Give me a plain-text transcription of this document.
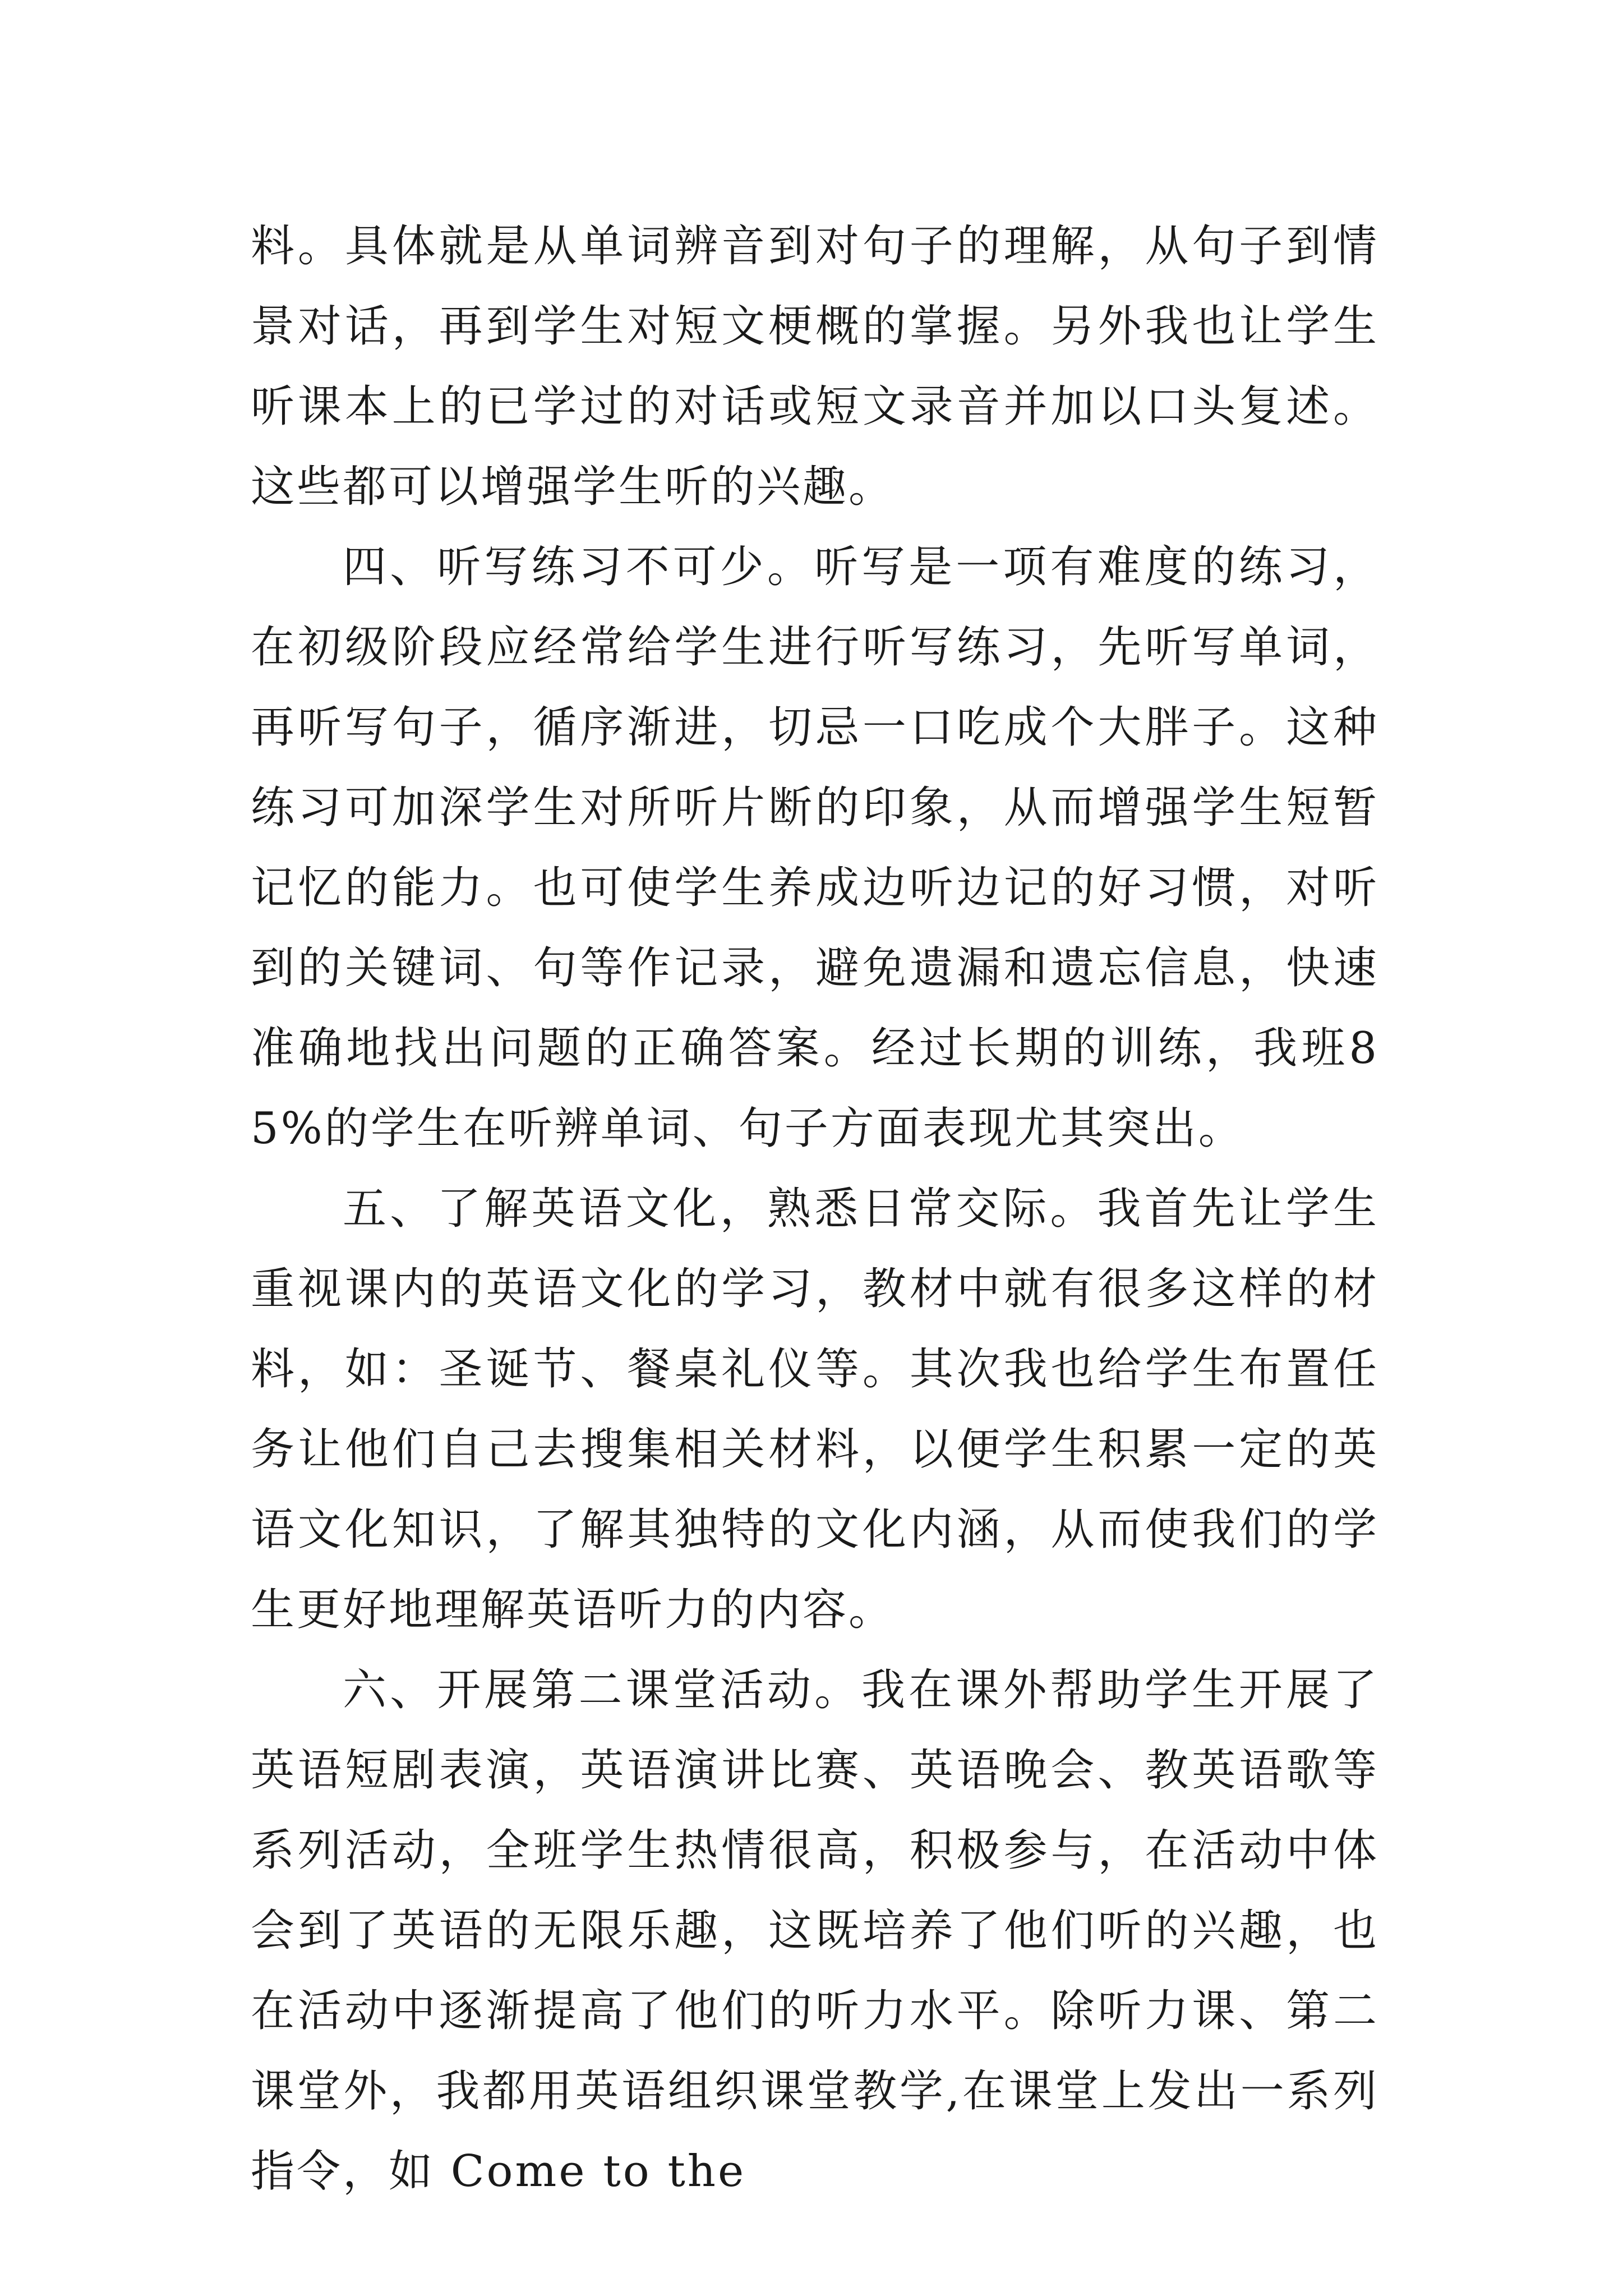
料。具体就是从单词辨音到对句子的理解，从句子到情景对话，再到学生对短文梗概的掌握。另外我也让学生听课本上的已学过的对话或短文录音并加以口头复述。这些都可以增强学生听的兴趣。

四、听写练习不可少。听写是一项有难度的练习，在初级阶段应经常给学生进行听写练习，先听写单词，再听写句子，循序渐进，切忌一口吃成个大胖子。这种练习可加深学生对所听片断的印象，从而增强学生短暂记忆的能力。也可使学生养成边听边记的好习惯，对听到的关键词、句等作记录，避免遗漏和遗忘信息，快速准确地找出问题的正确答案。经过长期的训练，我班85%的学生在听辨单词、句子方面表现尤其突出。

五、了解英语文化，熟悉日常交际。我首先让学生重视课内的英语文化的学习，教材中就有很多这样的材料，如：圣诞节、餐桌礼仪等。其次我也给学生布置任务让他们自己去搜集相关材料，以便学生积累一定的英语文化知识，了解其独特的文化内涵，从而使我们的学生更好地理解英语听力的内容。

六、开展第二课堂活动。我在课外帮助学生开展了英语短剧表演，英语演讲比赛、英语晚会、教英语歌等系列活动，全班学生热情很高，积极参与，在活动中体会到了英语的无限乐趣，这既培养了他们听的兴趣，也在活动中逐渐提高了他们的听力水平。除听力课、第二课堂外，我都用英语组织课堂教学,在课堂上发出一系列指令，如 Come to the
